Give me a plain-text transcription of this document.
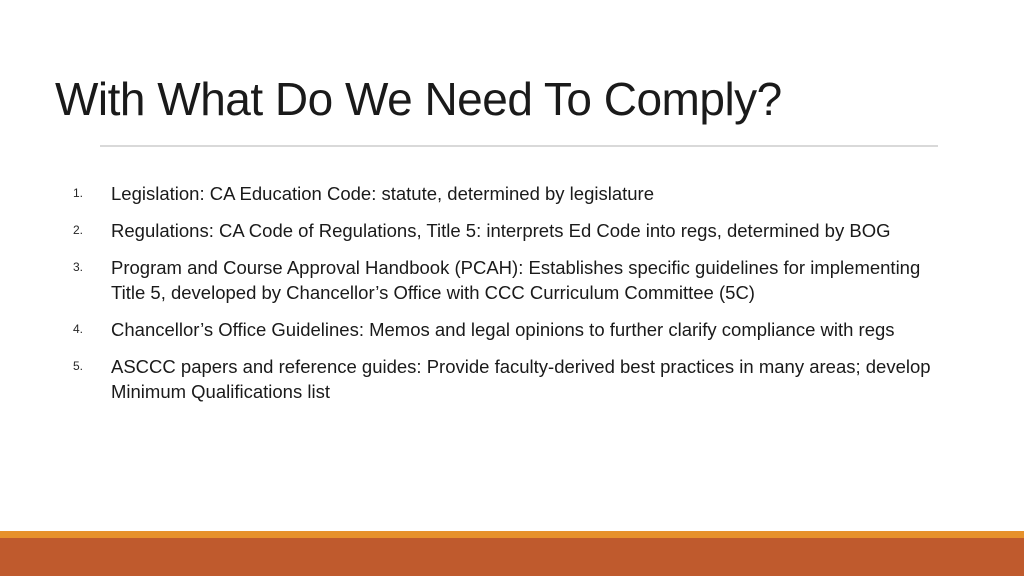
With What Do We Need To Comply?
1.	Legislation: CA Education Code: statute, determined by legislature
2.	Regulations: CA Code of Regulations, Title 5: interprets Ed Code into regs, determined by BOG
3.	Program and Course Approval Handbook (PCAH): Establishes specific guidelines for implementing Title 5, developed by Chancellor’s Office with CCC Curriculum Committee (5C)
4.	Chancellor’s Office Guidelines: Memos and legal opinions to further clarify compliance with regs
5.	ASCCC papers and reference guides: Provide faculty-derived best practices in many areas; develop Minimum Qualifications list
